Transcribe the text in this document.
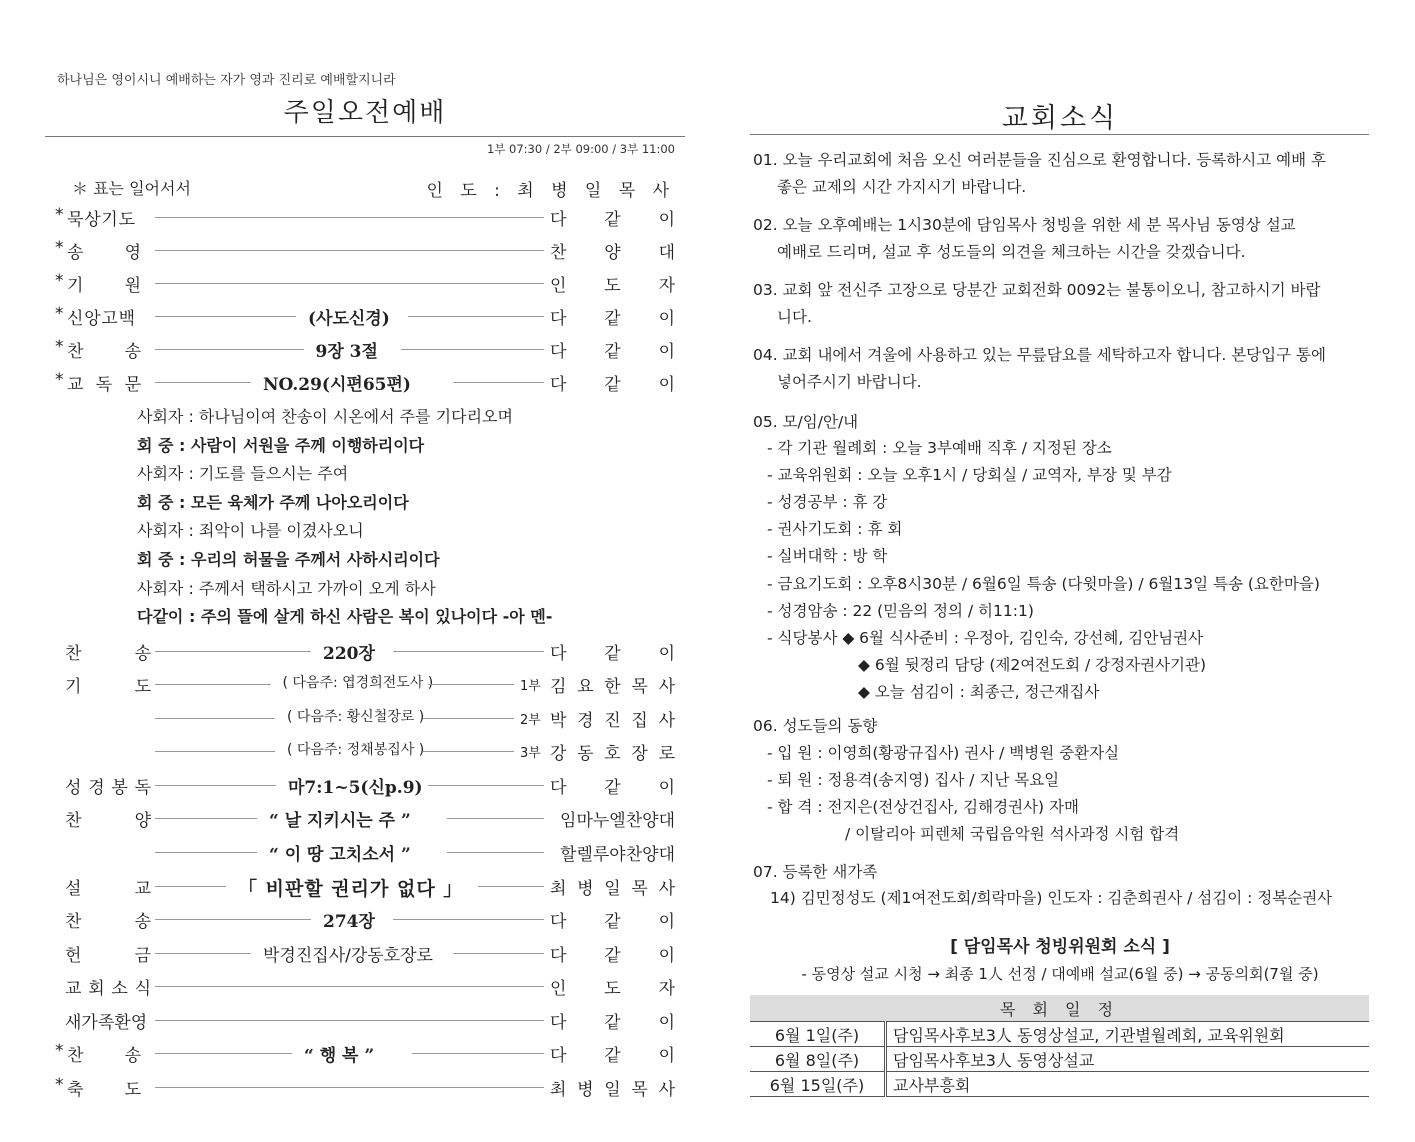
하나님은 영이시니 예배하는 자가 영과 진리로 예배할지니라
주일오전예배
1부 07:30 / 2부 09:00 / 3부 11:00
＊ 표는 일어서서	인 도 : 최 병 일 목 사
* 묵 상 기 도	다 같 이
* 송 영	찬 양 대
* 기 원	인 도 자
* 신 앙 고 백	(사도신경)	다 같 이
* 찬 송	9장 3절	다 같 이
* 교 독 문	NO.29(시편65편)	다 같 이
사회자 : 하나님이여 찬송이 시온에서 주를 기다리오며
회 중 : 사람이 서원을 주께 이행하리이다
사회자 : 기도를 들으시는 주여
회 중 : 모든 육체가 주께 나아오리이다
사회자 : 죄악이 나를 이겼사오니
회 중 : 우리의 허물을 주께서 사하시리이다
사회자 : 주께서 택하시고 가까이 오게 하사
다같이 : 주의 뜰에 살게 하신 사람은 복이 있나이다 -아 멘-
찬	송	220장	다 같 이
기	도	( 다음주: 엽경희전도사 )	1부 김 요 한 목 사
( 다음주: 황신철장로 )	2부 박 경 진 집 사
( 다음주: 정채봉집사 )	3부 강 동 호 장 로
성 경 봉 독	마7:1~5(신p.9)	다 같 이
찬	양	“ 날 지키시는 주 ”	임마누엘찬양대
“ 이 땅 고치소서 ”	할렐루야찬양대
설	교	「 비판할 권리가 없다 」	최 병 일 목 사
찬	송	274장	다 같 이
헌	금	박경진집사/강동호장로	다 같 이
교 회 소 식	인 도 자
새가족환영	다 같 이
* 찬 송	“ 행 복 ”	다 같 이
* 축 도	최 병 일 목 사
교회소식
01. 오늘 우리교회에 처음 오신 여러분들을 진심으로 환영합니다. 등록하시고 예배 후
좋은 교제의 시간 가지시기 바랍니다.
02. 오늘 오후예배는 1시30분에 담임목사 청빙을 위한 세 분 목사님 동영상 설교
예배로 드리며, 설교 후 성도들의 의견을 체크하는 시간을 갖겠습니다.
03. 교회 앞 전신주 고장으로 당분간 교회전화 0092는 불통이오니, 참고하시기 바랍
니다.
04. 교회 내에서 겨울에 사용하고 있는 무릎담요를 세탁하고자 합니다. 본당입구 통에
넣어주시기 바랍니다.
05. 모/임/안/내
- 각 기관 월례회 : 오늘 3부예배 직후 / 지정된 장소
- 교육위원회 : 오늘 오후1시 / 당회실 / 교역자, 부장 및 부감
- 성경공부 : 휴 강
- 권사기도회 : 휴 회
- 실버대학 : 방 학
- 금요기도회 : 오후8시30분 / 6월6일 특송 (다윗마을) / 6월13일 특송 (요한마을)
- 성경암송 : 22 (믿음의 정의 / 히11:1)
- 식당봉사 ◆ 6월 식사준비 : 우정아, 김인숙, 강선혜, 김안님권사
◆ 6월 뒷정리 담당 (제2여전도회 / 강정자권사기관)
◆ 오늘 섬김이 : 최종근, 정근재집사
06. 성도들의 동향
- 입 원 : 이영희(황광규집사) 권사 / 백병원 중환자실
- 퇴 원 : 정용격(송지영) 집사 / 지난 목요일
- 합 격 : 전지은(전상건집사, 김해경권사) 자매
/ 이탈리아 피렌체 국립음악원 석사과정 시험 합격
07. 등록한 새가족
14) 김민정성도 (제1여전도회/희락마을) 인도자 : 김춘희권사 / 섬김이 : 정복순권사
[ 담임목사 청빙위원회 소식 ]
- 동영상 설교 시청 → 최종 1人 선정 / 대예배 설교(6월 중) → 공동의회(7월 중)
목 회 일 정	
6월 1일(주)	담임목사후보3人 동영상설교, 기관별월례회, 교육위원회
6월 8일(주)	담임목사후보3人 동영상설교
6월 15일(주)	교사부흥회
